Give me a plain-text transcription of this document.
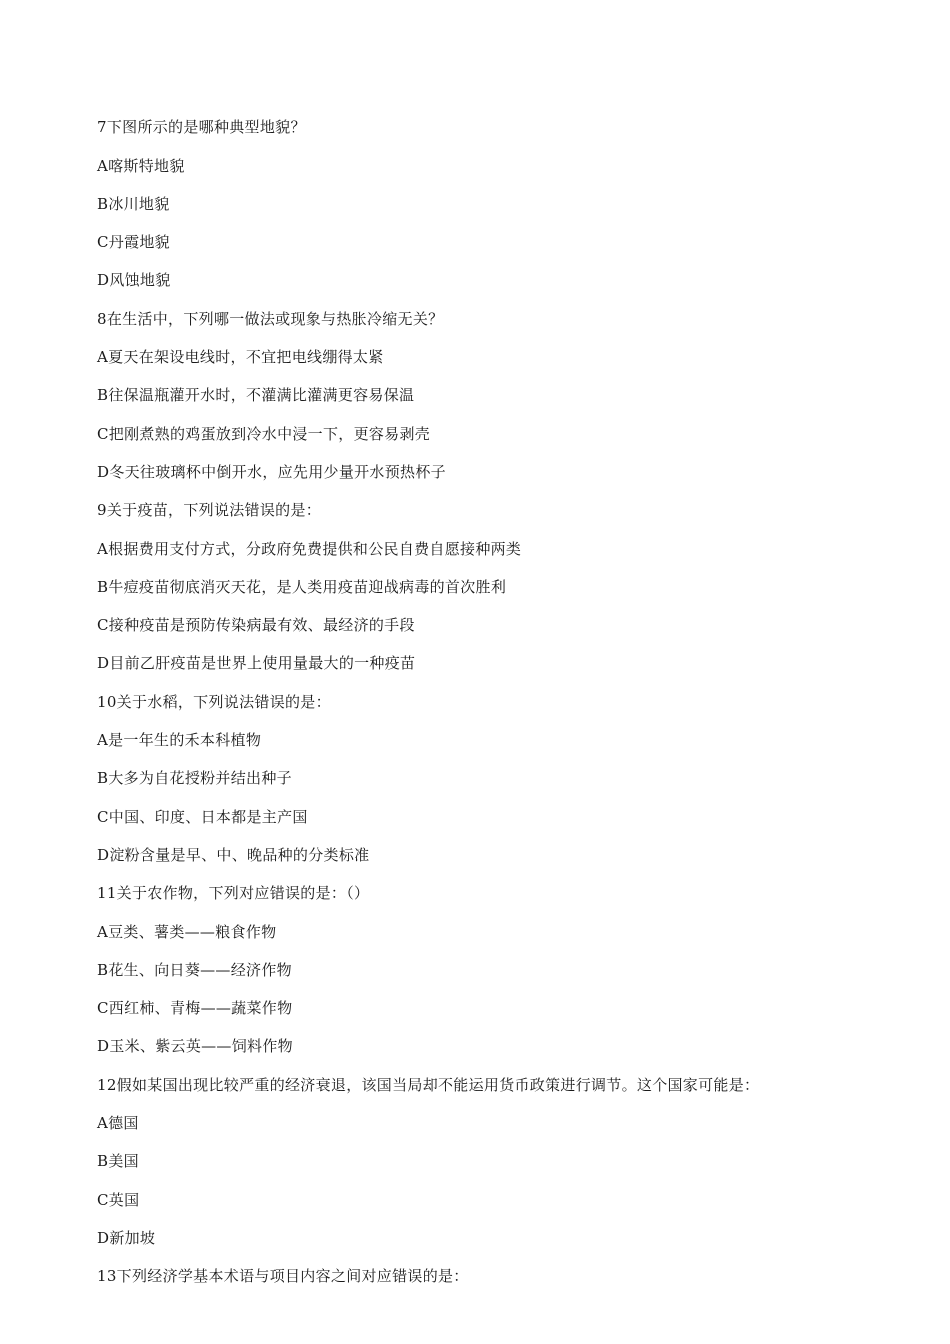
7下图所示的是哪种典型地貌？
A喀斯特地貌
B冰川地貌
C丹霞地貌
D风蚀地貌
8在生活中，下列哪一做法或现象与热胀冷缩无关？
A夏天在架设电线时，不宜把电线绷得太紧
B往保温瓶灌开水时，不灌满比灌满更容易保温
C把刚煮熟的鸡蛋放到冷水中浸一下，更容易剥壳
D冬天往玻璃杯中倒开水，应先用少量开水预热杯子
9关于疫苗，下列说法错误的是：
A根据费用支付方式，分政府免费提供和公民自费自愿接种两类
B牛痘疫苗彻底消灭天花，是人类用疫苗迎战病毒的首次胜利
C接种疫苗是预防传染病最有效、最经济的手段
D目前乙肝疫苗是世界上使用量最大的一种疫苗
10关于水稻，下列说法错误的是：
A是一年生的禾本科植物
B大多为自花授粉并结出种子
C中国、印度、日本都是主产国
D淀粉含量是早、中、晚品种的分类标准
11关于农作物，下列对应错误的是：（）
A豆类、薯类——粮食作物
B花生、向日葵——经济作物
C西红柿、青梅——蔬菜作物
D玉米、紫云英——饲料作物
12假如某国出现比较严重的经济衰退，该国当局却不能运用货币政策进行调节。这个国家可能是：
A德国
B美国
C英国
D新加坡
13下列经济学基本术语与项目内容之间对应错误的是：
